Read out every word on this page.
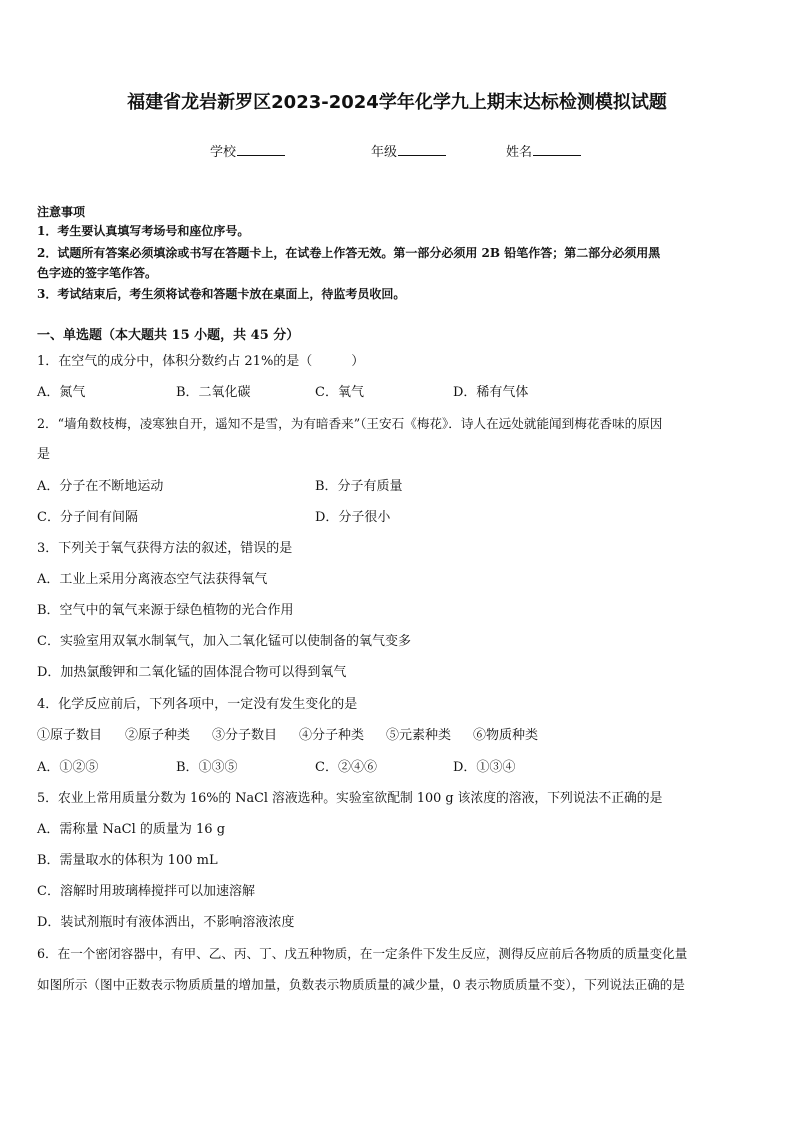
福建省龙岩新罗区2023-2024学年化学九上期末达标检测模拟试题
学校	年级	姓名
注意事项
1．考生要认真填写考场号和座位序号。
2．试题所有答案必须填涂或书写在答题卡上，在试卷上作答无效。第一部分必须用 2B 铅笔作答；第二部分必须用黑
色字迹的签字笔作答。
3．考试结束后，考生须将试卷和答题卡放在桌面上，待监考员收回。
一、单选题（本大题共 15 小题，共 45 分）
1．在空气的成分中，体积分数约占 21%的是（　　　）
A．氮气	B．二氧化碳	C．氧气	D．稀有气体
2．“墙角数枝梅，凌寒独自开，遥知不是雪，为有暗香来”（王安石《梅花》．诗人在远处就能闻到梅花香味的原因
是
A．分子在不断地运动	B．分子有质量
C．分子间有间隔	D．分子很小
3．下列关于氧气获得方法的叙述，错误的是
A．工业上采用分离液态空气法获得氧气
B．空气中的氧气来源于绿色植物的光合作用
C．实验室用双氧水制氧气，加入二氧化锰可以使制备的氧气变多
D．加热氯酸钾和二氧化锰的固体混合物可以得到氧气
4．化学反应前后，下列各项中，一定没有发生变化的是
①原子数目 ②原子种类 ③分子数目 ④分子种类 ⑤元素种类 ⑥物质种类
A．①②⑤	B．①③⑤	C．②④⑥	D．①③④
5．农业上常用质量分数为 16%的 NaCl 溶液选种。实验室欲配制 100 g 该浓度的溶液，下列说法不正确的是
A．需称量 NaCl 的质量为 16 g
B．需量取水的体积为 100 mL
C．溶解时用玻璃棒搅拌可以加速溶解
D．装试剂瓶时有液体洒出，不影响溶液浓度
6．在一个密闭容器中，有甲、乙、丙、丁、戊五种物质，在一定条件下发生反应，测得反应前后各物质的质量变化量
如图所示（图中正数表示物质质量的增加量，负数表示物质质量的减少量，0 表示物质质量不变），下列说法正确的是
